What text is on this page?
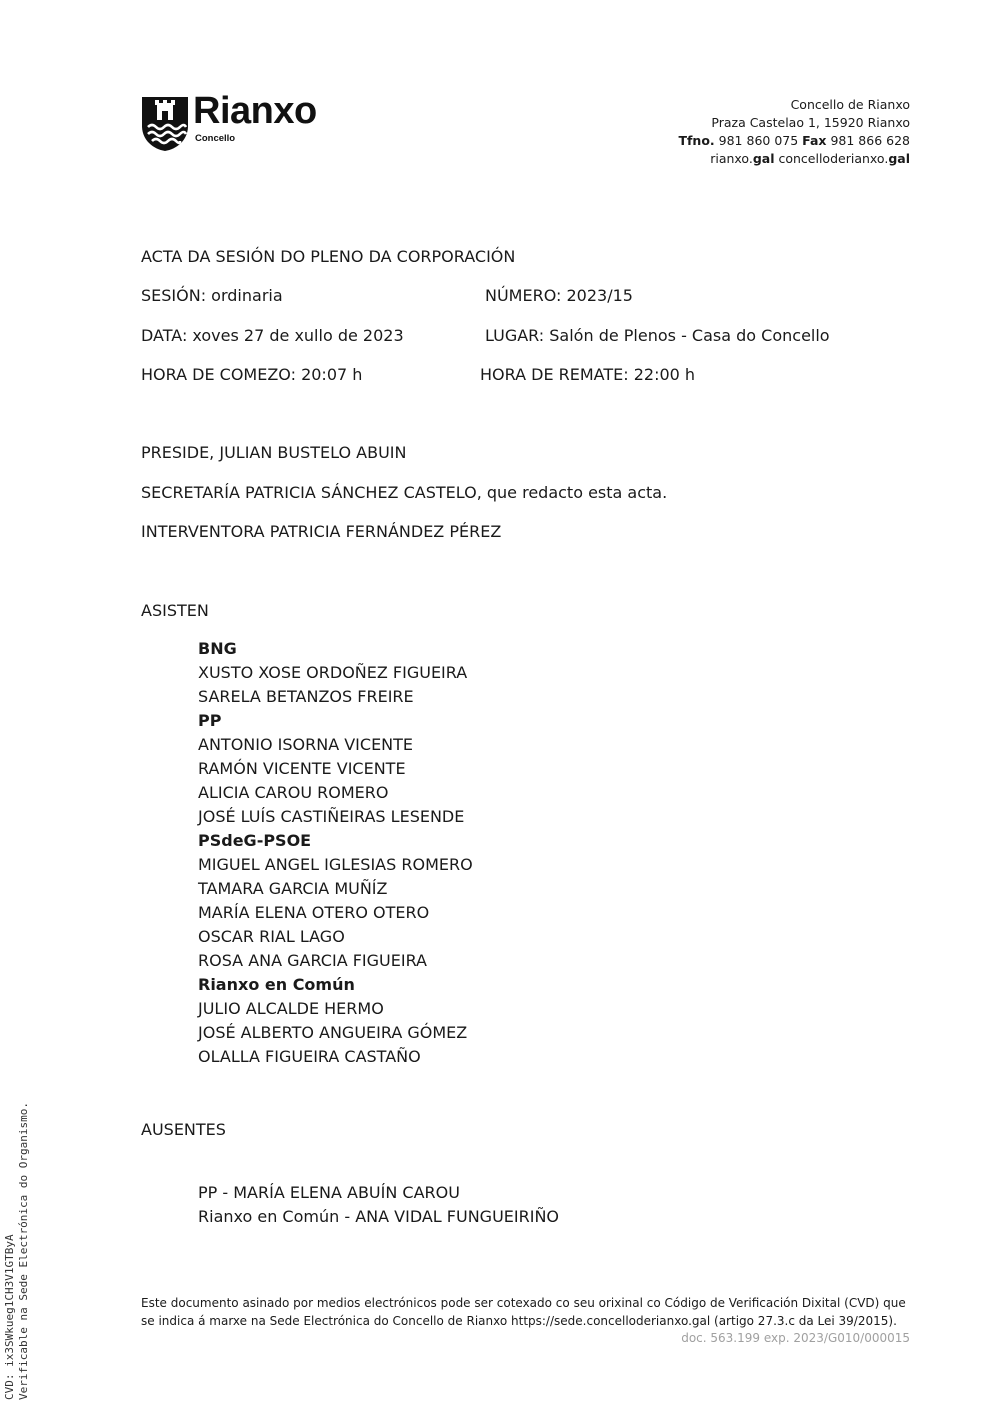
Rianxo
Concello
Concello de Rianxo
Praza Castelao 1, 15920 Rianxo
Tfno. 981 860 075 Fax 981 866 628
rianxo.gal concelloderianxo.gal
ACTA DA SESIÓN DO PLENO DA CORPORACIÓN
SESIÓN: ordinaria	NÚMERO: 2023/15
DATA: xoves 27 de xullo de 2023	LUGAR: Salón de Plenos - Casa do Concello
HORA DE COMEZO: 20:07 h	HORA DE REMATE: 22:00 h
PRESIDE, JULIAN BUSTELO ABUIN
SECRETARÍA PATRICIA SÁNCHEZ CASTELO, que redacto esta acta.
INTERVENTORA PATRICIA FERNÁNDEZ PÉREZ
ASISTEN
BNG
XUSTO XOSE ORDOÑEZ FIGUEIRA
SARELA BETANZOS FREIRE
PP
ANTONIO ISORNA VICENTE
RAMÓN VICENTE VICENTE
ALICIA CAROU ROMERO
JOSÉ LUÍS CASTIÑEIRAS LESENDE
PSdeG-PSOE
MIGUEL ANGEL IGLESIAS ROMERO
TAMARA GARCIA MUÑÍZ
MARÍA ELENA OTERO OTERO
OSCAR RIAL LAGO
ROSA ANA GARCIA FIGUEIRA
Rianxo en Común
JULIO ALCALDE HERMO
JOSÉ ALBERTO ANGUEIRA GÓMEZ
OLALLA FIGUEIRA CASTAÑO
AUSENTES
PP - MARÍA ELENA ABUÍN CAROU
Rianxo en Común - ANA VIDAL FUNGUEIRIÑO
Este documento asinado por medios electrónicos pode ser cotexado co seu orixinal co Código de Verificación Dixital (CVD) que se indica á marxe na Sede Electrónica do Concello de Rianxo https://sede.concelloderianxo.gal (artigo 27.3.c da Lei 39/2015).
doc. 563.199 exp. 2023/G010/000015
CVD: ix3SWkueg1CH3V1GTByA Verificable na Sede Electrónica do Organismo.
